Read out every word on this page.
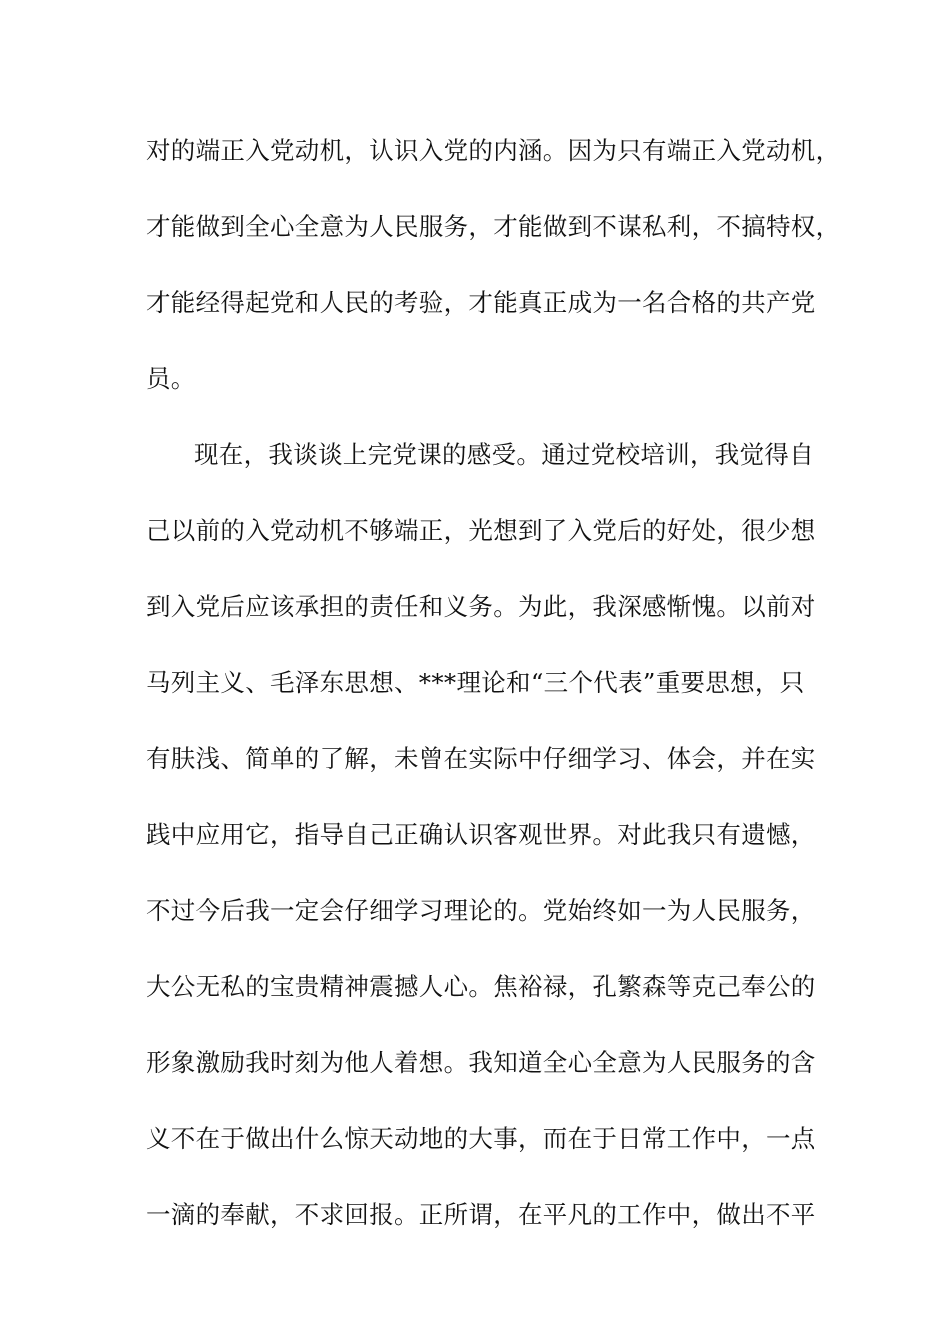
对的端正入党动机，认识入党的内涵。因为只有端正入党动机，
才能做到全心全意为人民服务，才能做到不谋私利，不搞特权，
才能经得起党和人民的考验，才能真正成为一名合格的共产党
员。
现在，我谈谈上完党课的感受。通过党校培训，我觉得自
己以前的入党动机不够端正，光想到了入党后的好处，很少想
到入党后应该承担的责任和义务。为此，我深感惭愧。以前对
马列主义、毛泽东思想、***理论和“三个代表”重要思想，只
有肤浅、简单的了解，未曾在实际中仔细学习、体会，并在实
践中应用它，指导自己正确认识客观世界。对此我只有遗憾，
不过今后我一定会仔细学习理论的。党始终如一为人民服务，
大公无私的宝贵精神震撼人心。焦裕禄，孔繁森等克己奉公的
形象激励我时刻为他人着想。我知道全心全意为人民服务的含
义不在于做出什么惊天动地的大事，而在于日常工作中，一点
一滴的奉献，不求回报。正所谓，在平凡的工作中，做出不平
